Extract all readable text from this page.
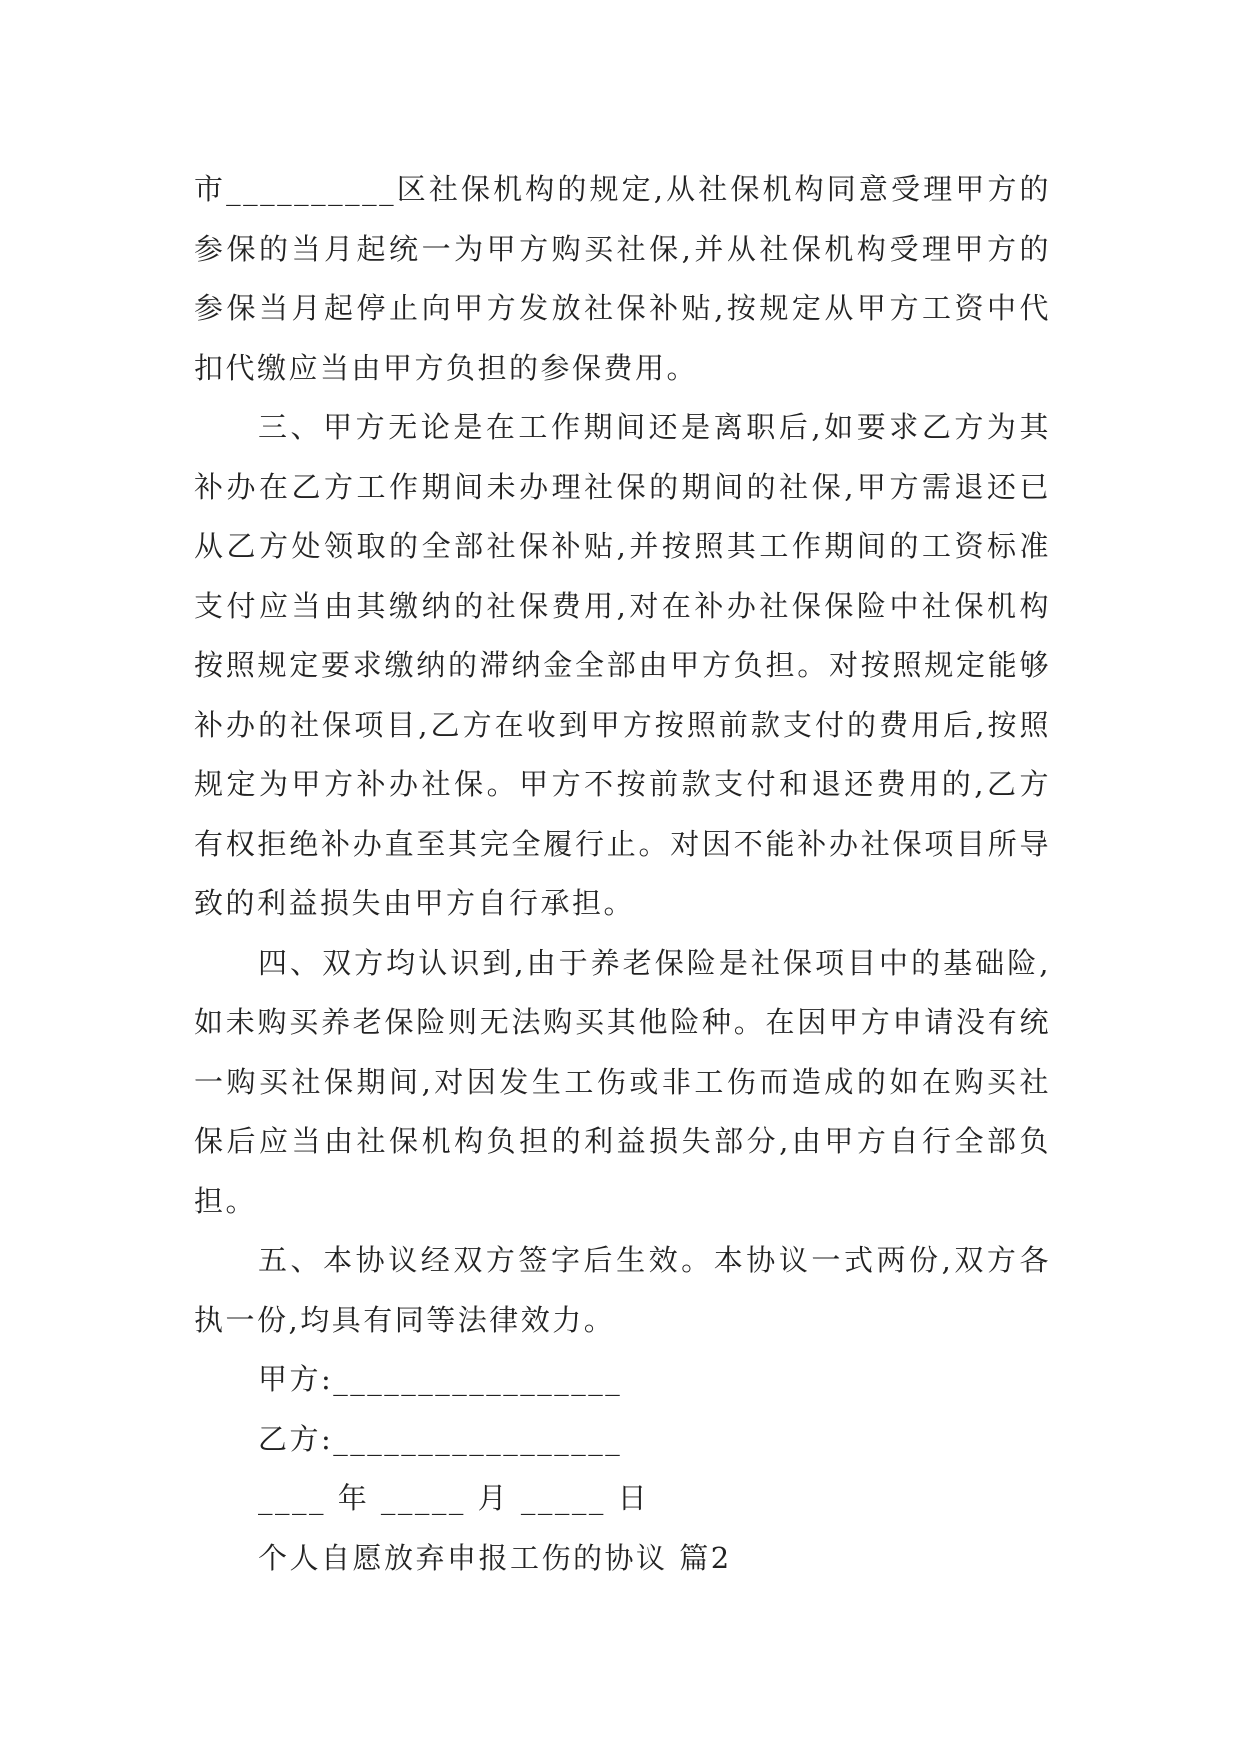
市__________区社保机构的规定,从社保机构同意受理甲方的参保的当月起统一为甲方购买社保,并从社保机构受理甲方的参保当月起停止向甲方发放社保补贴,按规定从甲方工资中代扣代缴应当由甲方负担的参保费用。

三、甲方无论是在工作期间还是离职后,如要求乙方为其补办在乙方工作期间未办理社保的期间的社保,甲方需退还已从乙方处领取的全部社保补贴,并按照其工作期间的工资标准支付应当由其缴纳的社保费用,对在补办社保保险中社保机构按照规定要求缴纳的滞纳金全部由甲方负担。对按照规定能够补办的社保项目,乙方在收到甲方按照前款支付的费用后,按照规定为甲方补办社保。甲方不按前款支付和退还费用的,乙方有权拒绝补办直至其完全履行止。对因不能补办社保项目所导致的利益损失由甲方自行承担。

四、双方均认识到,由于养老保险是社保项目中的基础险,如未购买养老保险则无法购买其他险种。在因甲方申请没有统一购买社保期间,对因发生工伤或非工伤而造成的如在购买社保后应当由社保机构负担的利益损失部分,由甲方自行全部负担。

五、本协议经双方签字后生效。本协议一式两份,双方各执一份,均具有同等法律效力。

甲方:_________________

乙方:_________________

____ 年 _____ 月 _____ 日

个人自愿放弃申报工伤的协议 篇2
